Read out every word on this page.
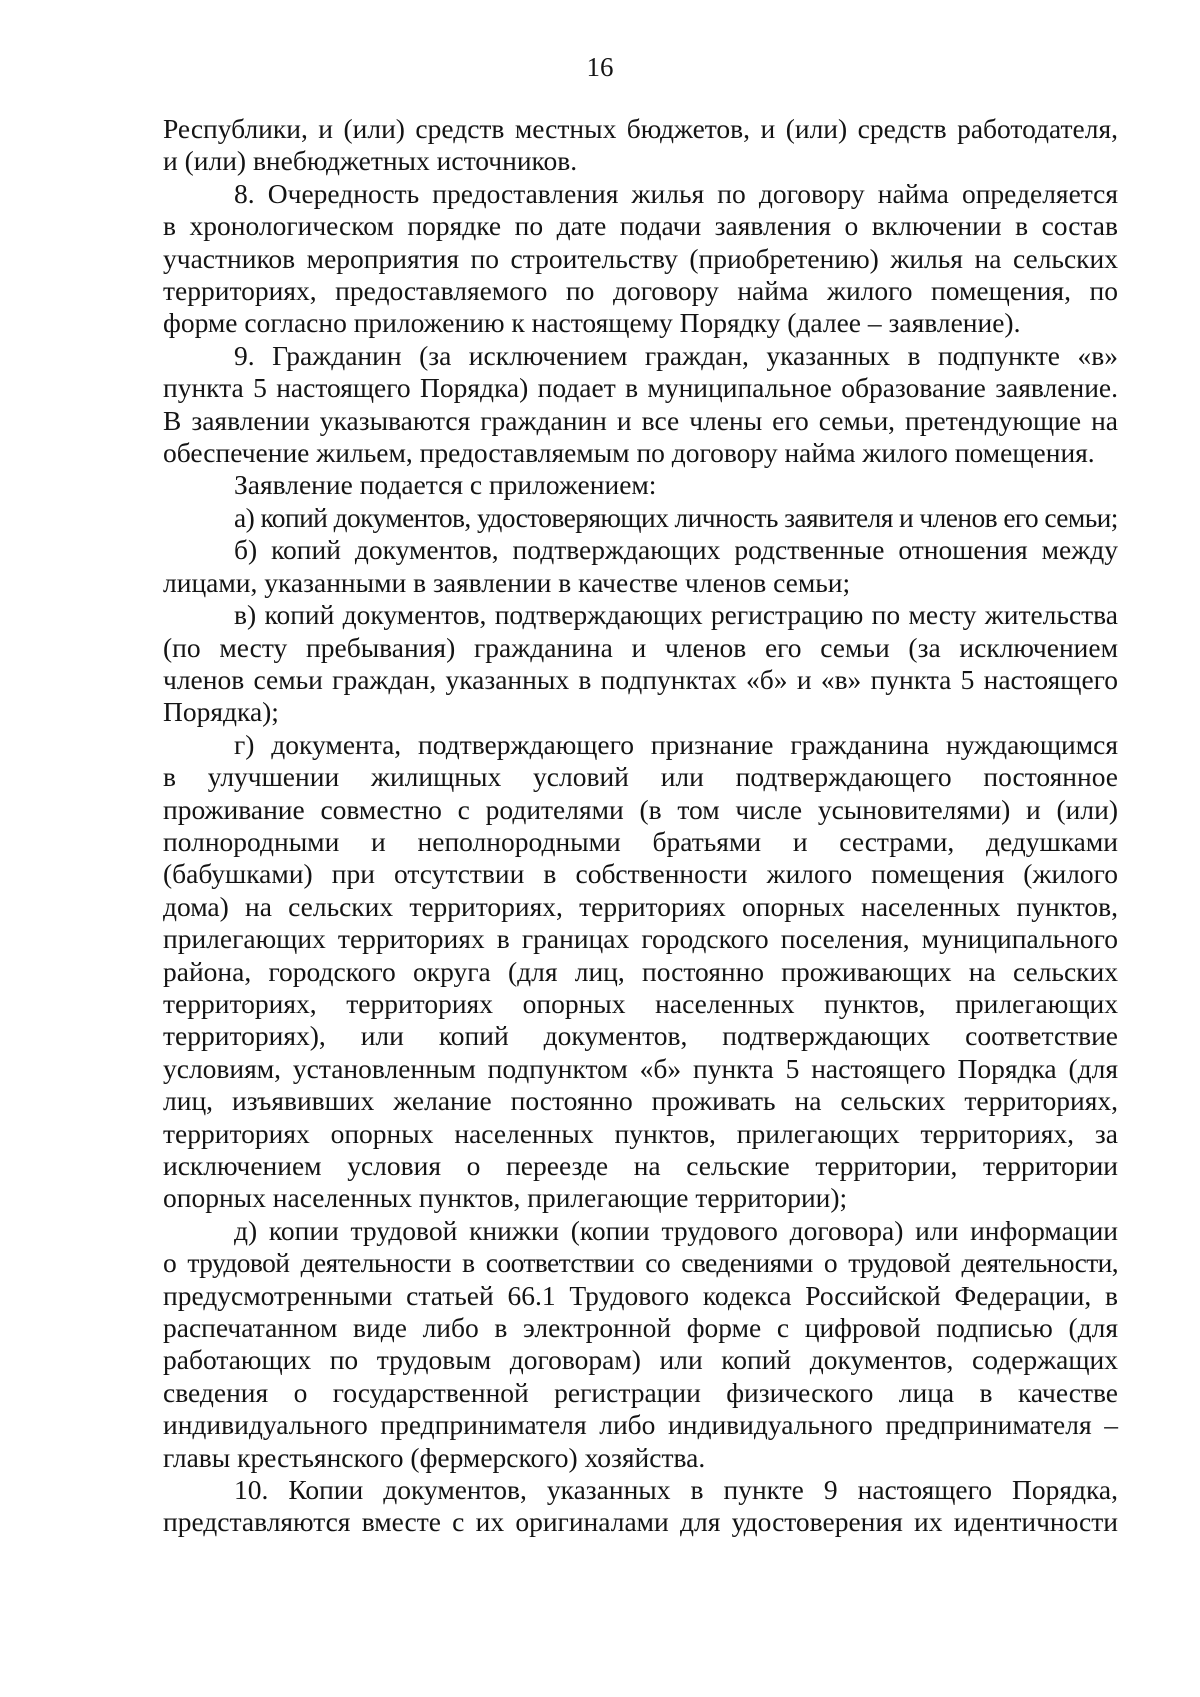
16

Республики, и (или) средств местных бюджетов, и (или) средств работодателя,

и (или) внебюджетных источников.

8. Очередность предоставления жилья по договору найма определяется

в хронологическом порядке по дате подачи заявления о включении в состав

участников мероприятия по строительству (приобретению) жилья на сельских

территориях, предоставляемого по договору найма жилого помещения, по

форме согласно приложению к настоящему Порядку (далее – заявление).

9. Гражданин (за исключением граждан, указанных в подпункте «в»

пункта 5 настоящего Порядка) подает в муниципальное образование заявление.

В заявлении указываются гражданин и все члены его семьи, претендующие на

обеспечение жильем, предоставляемым по договору найма жилого помещения.

Заявление подается с приложением:

а) копий документов, удостоверяющих личность заявителя и членов его семьи;

б) копий документов, подтверждающих родственные отношения между

лицами, указанными в заявлении в качестве членов семьи;

в) копий документов, подтверждающих регистрацию по месту жительства

(по месту пребывания) гражданина и членов его семьи (за исключением

членов семьи граждан, указанных в подпунктах «б» и «в» пункта 5 настоящего

Порядка);

г) документа, подтверждающего признание гражданина нуждающимся

в улучшении жилищных условий или подтверждающего постоянное

проживание совместно с родителями (в том числе усыновителями) и (или)

полнородными и неполнородными братьями и сестрами, дедушками

(бабушками) при отсутствии в собственности жилого помещения (жилого

дома) на сельских территориях, территориях опорных населенных пунктов,

прилегающих территориях в границах городского поселения, муниципального

района, городского округа (для лиц, постоянно проживающих на сельских

территориях, территориях опорных населенных пунктов, прилегающих

территориях), или копий документов, подтверждающих соответствие

условиям, установленным подпунктом «б» пункта 5 настоящего Порядка (для

лиц, изъявивших желание постоянно проживать на сельских территориях,

территориях опорных населенных пунктов, прилегающих территориях, за

исключением условия о переезде на сельские территории, территории

опорных населенных пунктов, прилегающие территории);

д) копии трудовой книжки (копии трудового договора) или информации

о трудовой деятельности в соответствии со сведениями о трудовой деятельности,

предусмотренными статьей 66.1 Трудового кодекса Российской Федерации, в

распечатанном виде либо в электронной форме с цифровой подписью (для

работающих по трудовым договорам) или копий документов, содержащих

сведения о государственной регистрации физического лица в качестве

индивидуального предпринимателя либо индивидуального предпринимателя –

главы крестьянского (фермерского) хозяйства.

10. Копии документов, указанных в пункте 9 настоящего Порядка,

представляются вместе с их оригиналами для удостоверения их идентичности
